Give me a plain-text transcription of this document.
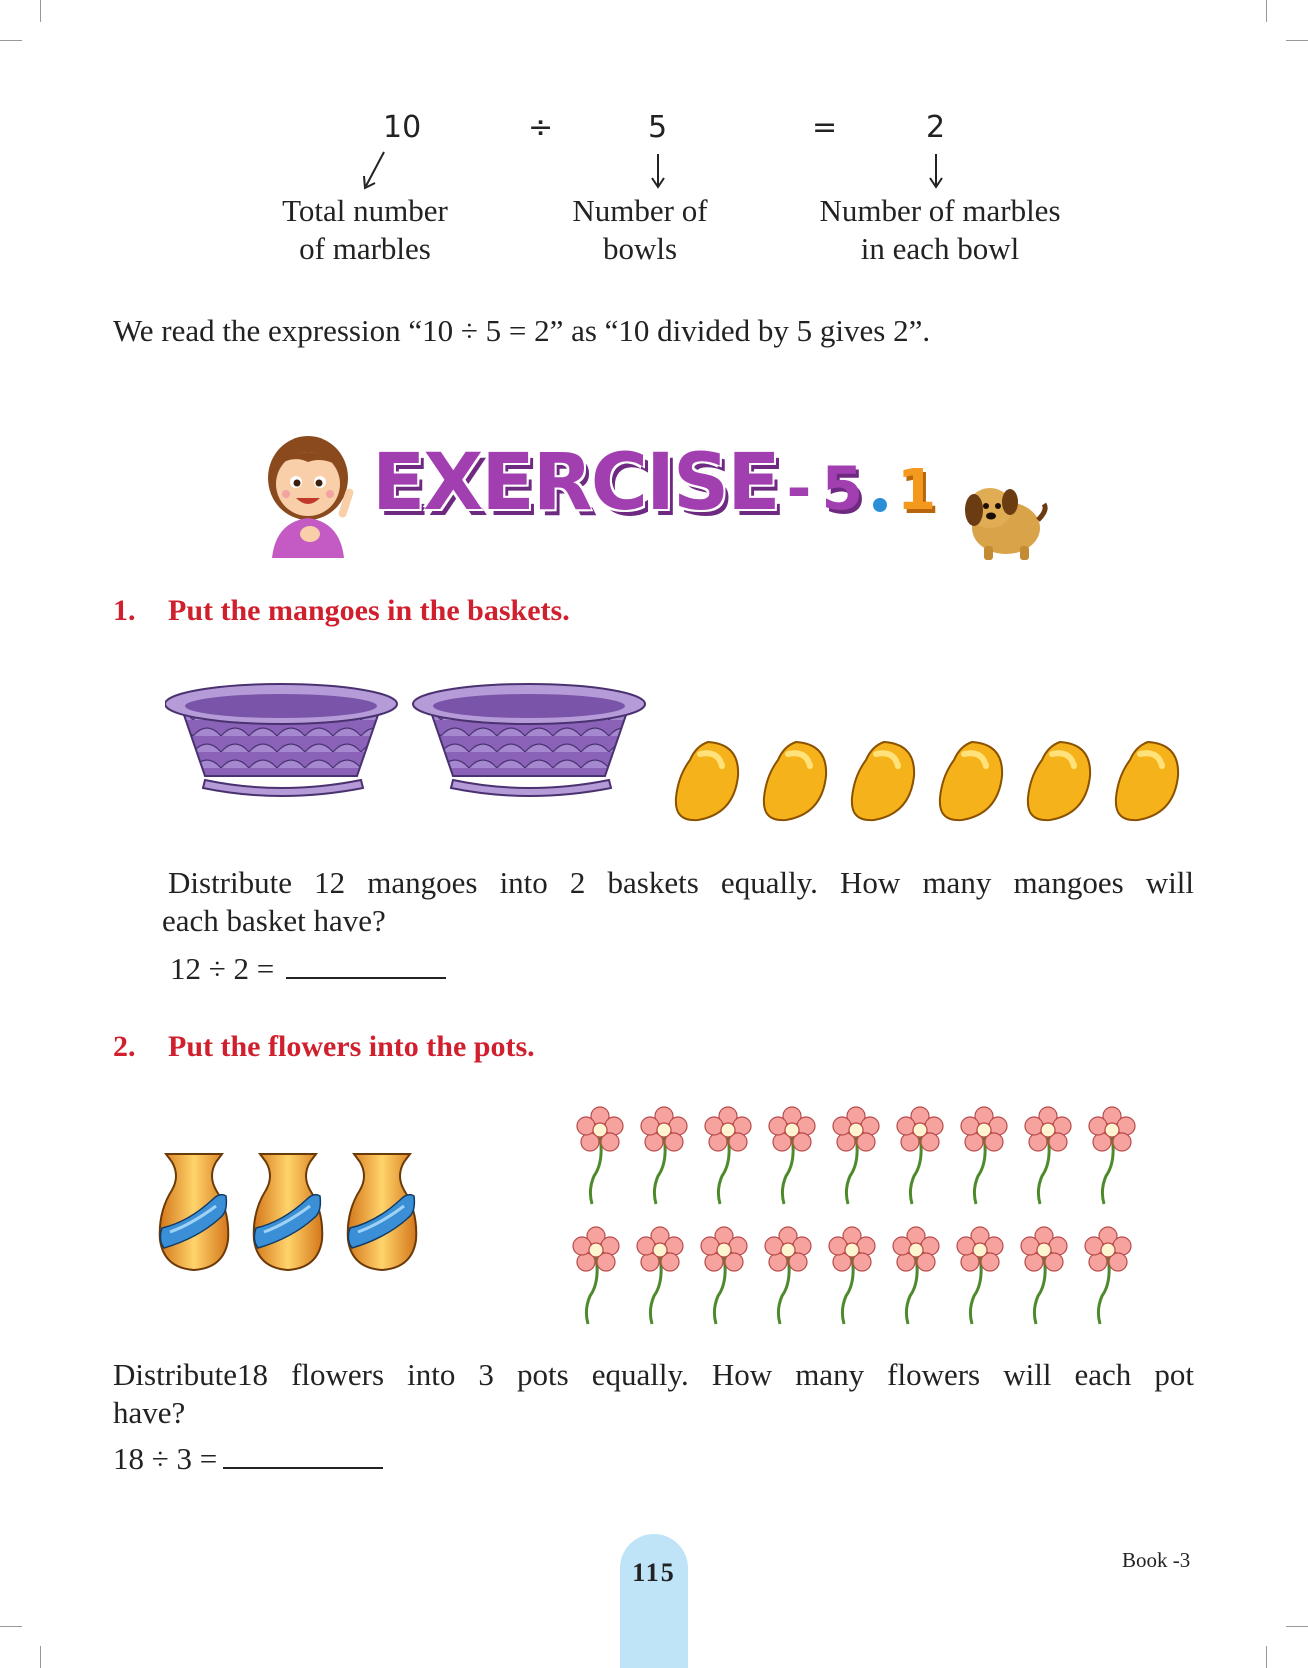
10	÷	5	=	2
Total number
of marbles
Number of
bowls
Number of marbles
in each bowl
We read the expression “10 ÷ 5 = 2” as “10 divided by 5 gives 2”.
EXERCISE - 5 1
1. Put the mangoes in the baskets.
Distribute 12 mangoes into 2 baskets equally. How many mangoes will
each basket have?
12 ÷ 2 =
2. Put the flowers into the pots.
Distribute18 flowers into 3 pots equally. How many flowers will each pot
have?
18 ÷ 3 =
115	Book -3
